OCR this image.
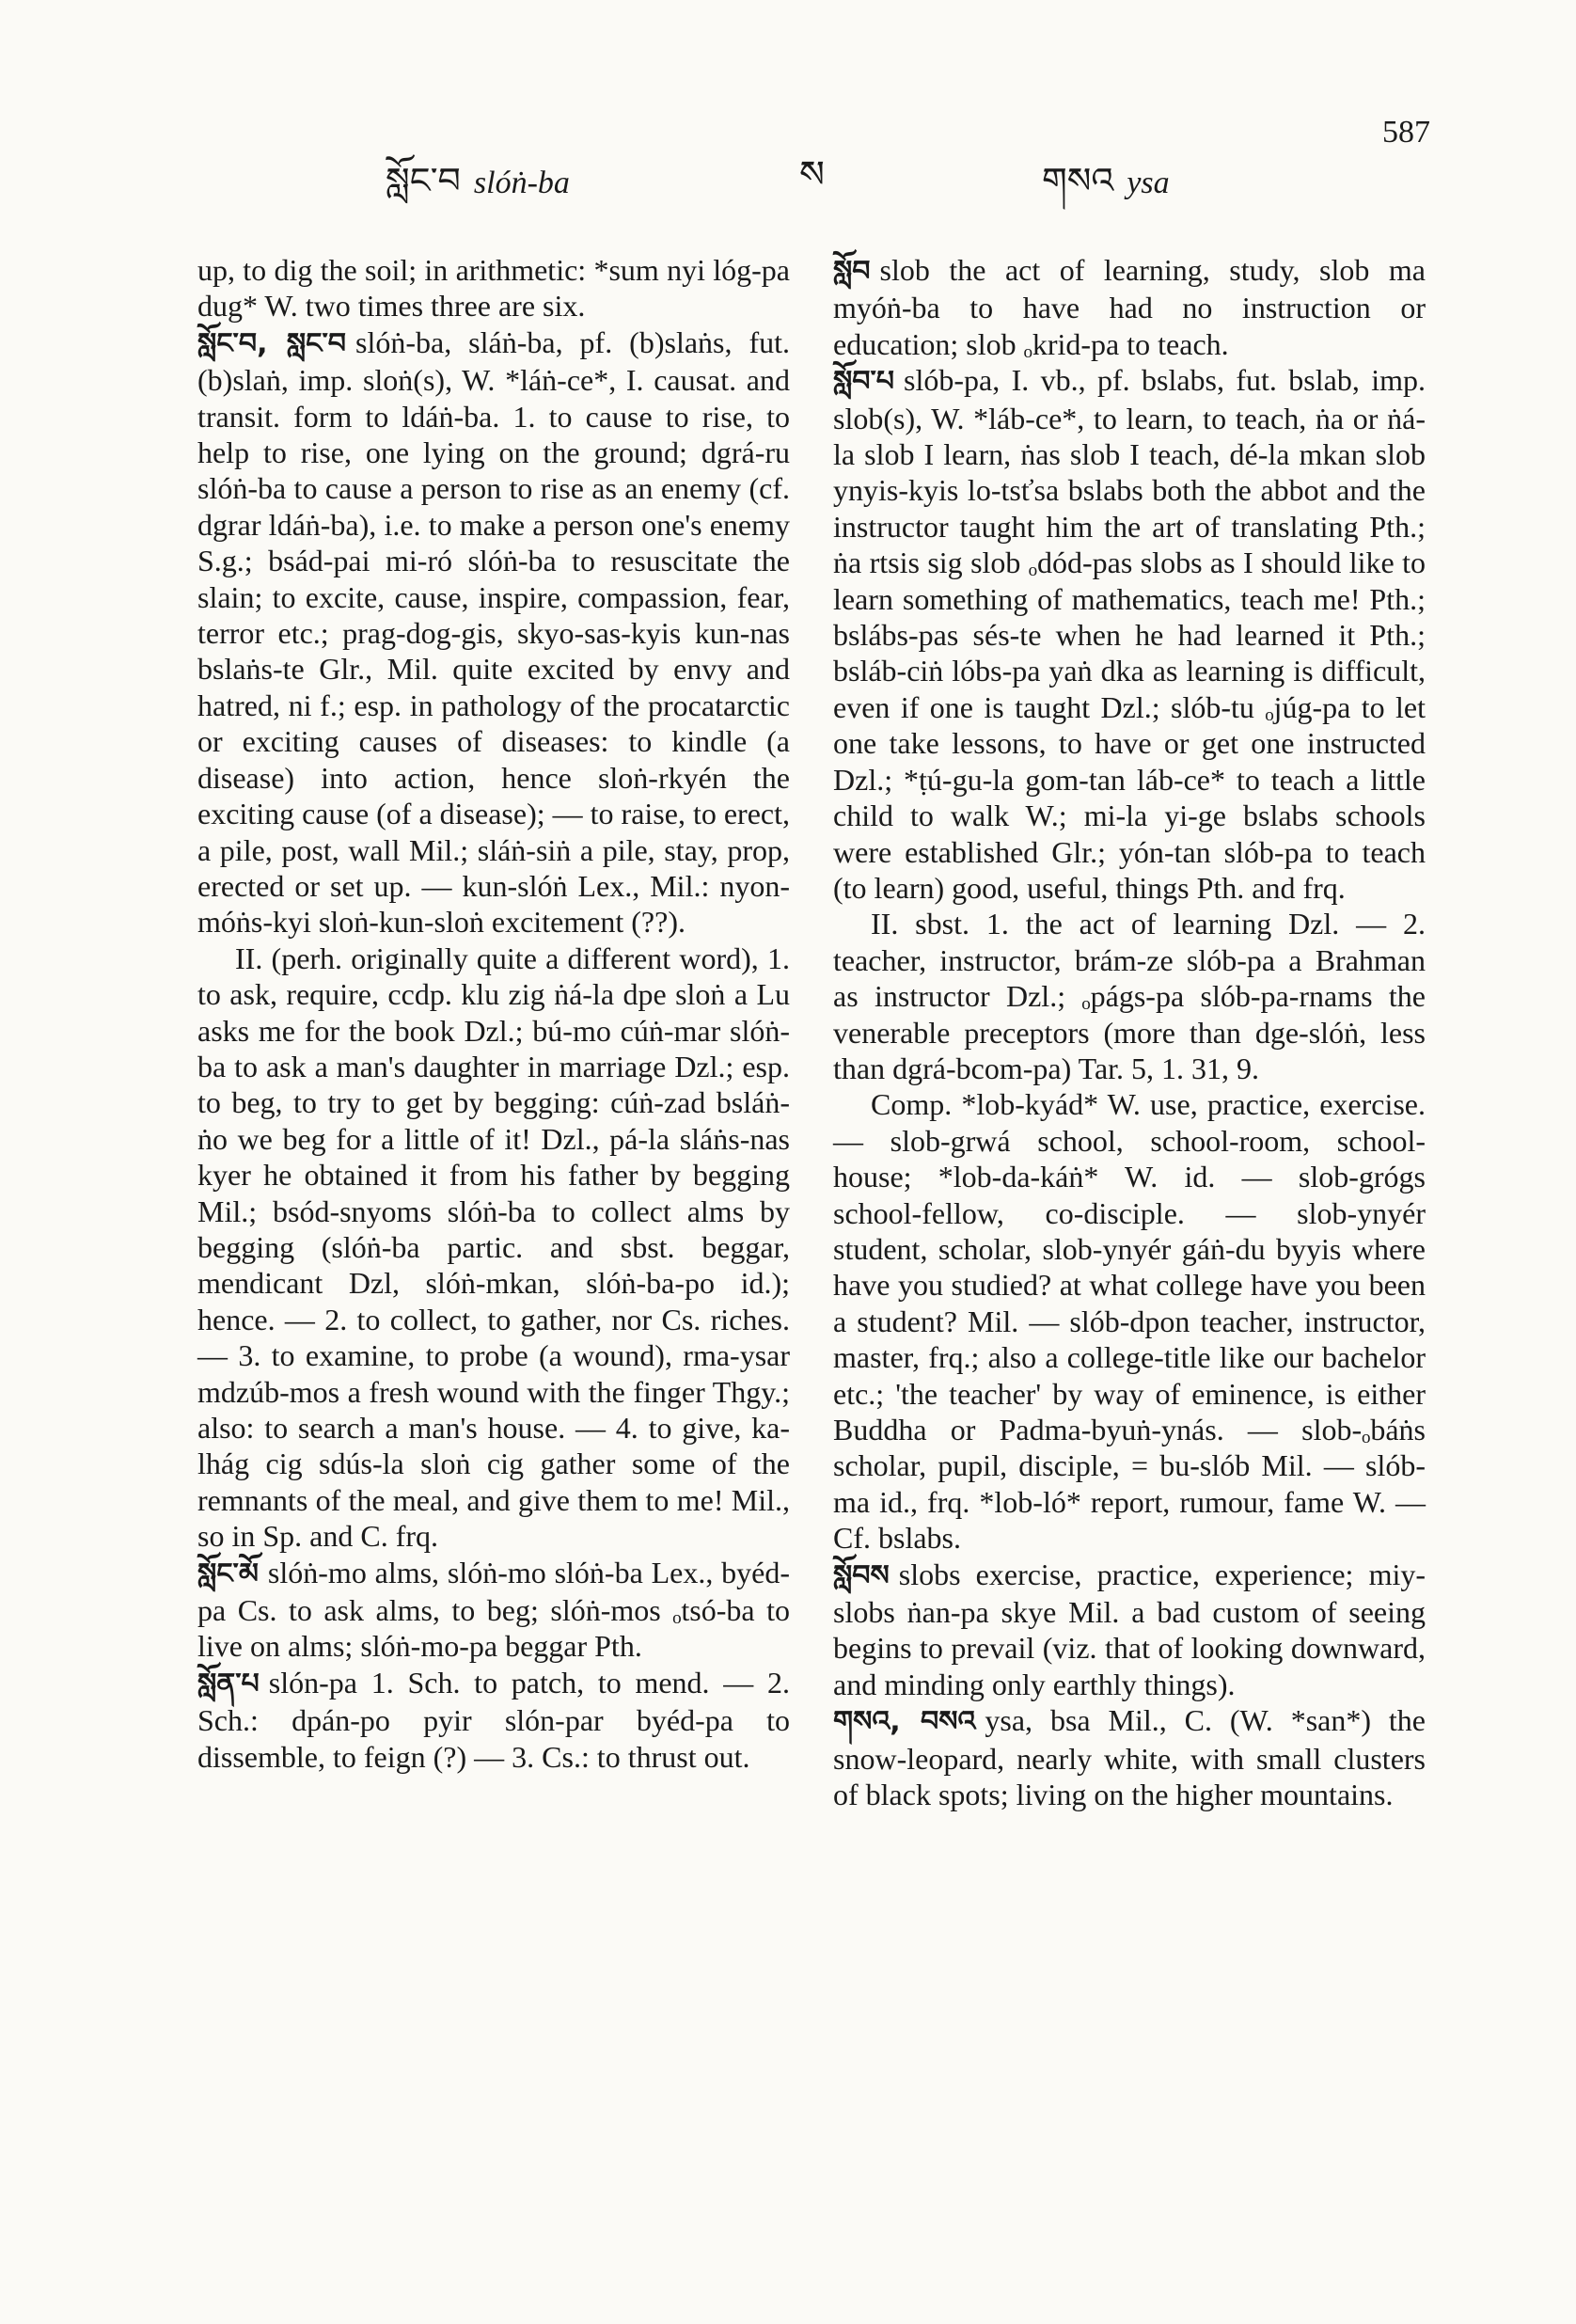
སློང་བ slóṅ-ba	ས	གསའ ysa
587

up, to dig the soil; in arithmetic: *sum nyi lóg-pa dug* W. two times three are six.

སློང་བ, སླང་བ slóṅ-ba, sláṅ-ba, pf. (b)slaṅs, fut. (b)slaṅ, imp. sloṅ(s), W. *láṅ-ce*, I. causat. and transit. form to ldáṅ-ba. 1. to cause to rise, to help to rise, one lying on the ground; dgrá-ru slóṅ-ba to cause a person to rise as an enemy (cf. dgrar ldáṅ-ba), i.e. to make a person one's enemy S.g.; bsád-pai mi-ró slóṅ-ba to resuscitate the slain; to excite, cause, inspire, compassion, fear, terror etc.; prag-dog-gis, skyo-sas-kyis kun-nas bslaṅs-te Glr., Mil. quite excited by envy and hatred, ni f.; esp. in pathology of the procatarctic or exciting causes of diseases: to kindle (a disease) into action, hence sloṅ-rkyén the exciting cause (of a disease); — to raise, to erect, a pile, post, wall Mil.; sláṅ-siṅ a pile, stay, prop, erected or set up. — kun-slóṅ Lex., Mil.: nyon-móṅs-kyi sloṅ-kun-sloṅ excitement (??).

II. (perh. originally quite a different word), 1. to ask, require, ccdp. klu zig ṅá-la dpe sloṅ a Lu asks me for the book Dzl.; bú-mo cúṅ-mar slóṅ-ba to ask a man's daughter in marriage Dzl.; esp. to beg, to try to get by begging: cúṅ-zad bsláṅ-ṅo we beg for a little of it! Dzl., pá-la sláṅs-nas kyer he obtained it from his father by begging Mil.; bsód-snyoms slóṅ-ba to collect alms by begging (slóṅ-ba partic. and sbst. beggar, mendicant Dzl, slóṅ-mkan, slóṅ-ba-po id.); hence. — 2. to collect, to gather, nor Cs. riches. — 3. to examine, to probe (a wound), rma-ysar mdzúb-mos a fresh wound with the finger Thgy.; also: to search a man's house. — 4. to give, ka-lhág cig sdús-la sloṅ cig gather some of the remnants of the meal, and give them to me! Mil., so in Sp. and C. frq.

སློང་མོ slóṅ-mo alms, slóṅ-mo slóṅ-ba Lex., byéd-pa Cs. to ask alms, to beg; slóṅ-mos ₒtsó-ba to live on alms; slóṅ-mo-pa beggar Pth.

སློན་པ slón-pa 1. Sch. to patch, to mend. — 2. Sch.: dpán-po pyir slón-par byéd-pa to dissemble, to feign (?) — 3. Cs.: to thrust out.

སློབ slob the act of learning, study, slob ma myóṅ-ba to have had no instruction or education; slob ₒkrid-pa to teach.

སློབ་པ slób-pa, I. vb., pf. bslabs, fut. bslab, imp. slob(s), W. *láb-ce*, to learn, to teach, ṅa or ṅá-la slob I learn, ṅas slob I teach, dé-la mkan slob ynyis-kyis lo-tsťsa bslabs both the abbot and the instructor taught him the art of translating Pth.; ṅa rtsis sig slob ₒdód-pas slobs as I should like to learn something of mathematics, teach me! Pth.; bslábs-pas sés-te when he had learned it Pth.; bsláb-ciṅ lóbs-pa yaṅ dka as learning is difficult, even if one is taught Dzl.; slób-tu ₒjúg-pa to let one take lessons, to have or get one instructed Dzl.; *ṭú-gu-la gom-tan láb-ce* to teach a little child to walk W.; mi-la yi-ge bslabs schools were established Glr.; yón-tan slób-pa to teach (to learn) good, useful, things Pth. and frq.

II. sbst. 1. the act of learning Dzl. — 2. teacher, instructor, brám-ze slób-pa a Brahman as instructor Dzl.; ₒpágs-pa slób-pa-rnams the venerable preceptors (more than dge-slóṅ, less than dgrá-bcom-pa) Tar. 5, 1. 31, 9.

Comp. *lob-kyád* W. use, practice, exercise. — slob-grwá school, school-room, school-house; *lob-da-káṅ* W. id. — slob-grógs school-fellow, co-disciple. — slob-ynyér student, scholar, slob-ynyér gáṅ-du byyis where have you studied? at what college have you been a student? Mil. — slób-dpon teacher, instructor, master, frq.; also a college-title like our bachelor etc.; 'the teacher' by way of eminence, is either Buddha or Padma-byuṅ-ynás. — slob-ₒbáṅs scholar, pupil, disciple, = bu-slób Mil. — slób-ma id., frq. *lob-ló* report, rumour, fame W. — Cf. bslabs.

སློབས slobs exercise, practice, experience; miy-slobs ṅan-pa skye Mil. a bad custom of seeing begins to prevail (viz. that of looking downward, and minding only earthly things).

གསའ, བསའ ysa, bsa Mil., C. (W. *san*) the snow-leopard, nearly white, with small clusters of black spots; living on the higher mountains.
